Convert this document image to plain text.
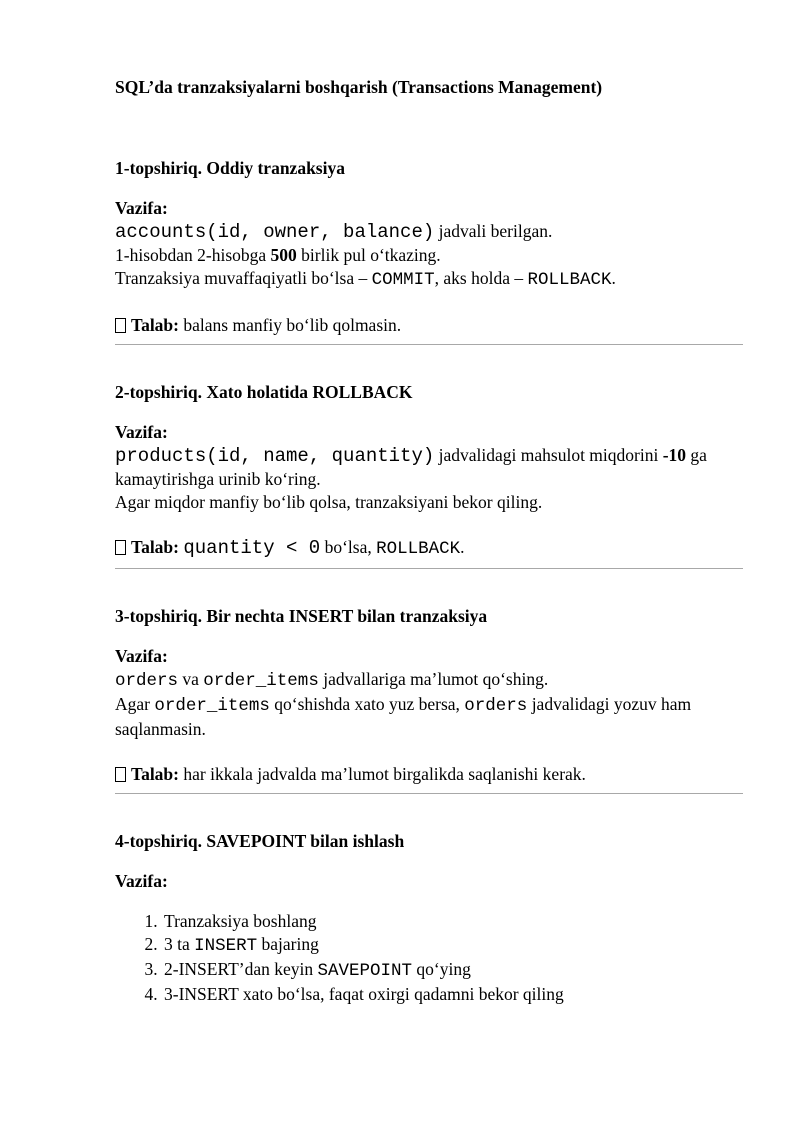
SQL’da tranzaksiyalarni boshqarish (Transactions Management)

1-topshiriq. Oddiy tranzaksiya

Vazifa:

accounts(id, owner, balance) jadvali berilgan.

1-hisobdan 2-hisobga 500 birlik pul o‘tkazing.

Tranzaksiya muvaffaqiyatli bo‘lsa – COMMIT, aks holda – ROLLBACK.

Talab: balans manfiy bo‘lib qolmasin.

2-topshiriq. Xato holatida ROLLBACK

Vazifa:

products(id, name, quantity) jadvalidagi mahsulot miqdorini -10 ga kamaytirishga urinib ko‘ring.

Agar miqdor manfiy bo‘lib qolsa, tranzaksiyani bekor qiling.

Talab: quantity < 0 bo‘lsa, ROLLBACK.

3-topshiriq. Bir nechta INSERT bilan tranzaksiya

Vazifa:

orders va order_items jadvallariga ma’lumot qo‘shing.

Agar order_items qo‘shishda xato yuz bersa, orders jadvalidagi yozuv ham saqlanmasin.

Talab: har ikkala jadvalda ma’lumot birgalikda saqlanishi kerak.

4-topshiriq. SAVEPOINT bilan ishlash

Vazifa:

1. Tranzaksiya boshlang
2. 3 ta INSERT bajaring
3. 2-INSERT’dan keyin SAVEPOINT qo‘ying
4. 3-INSERT xato bo‘lsa, faqat oxirgi qadamni bekor qiling
